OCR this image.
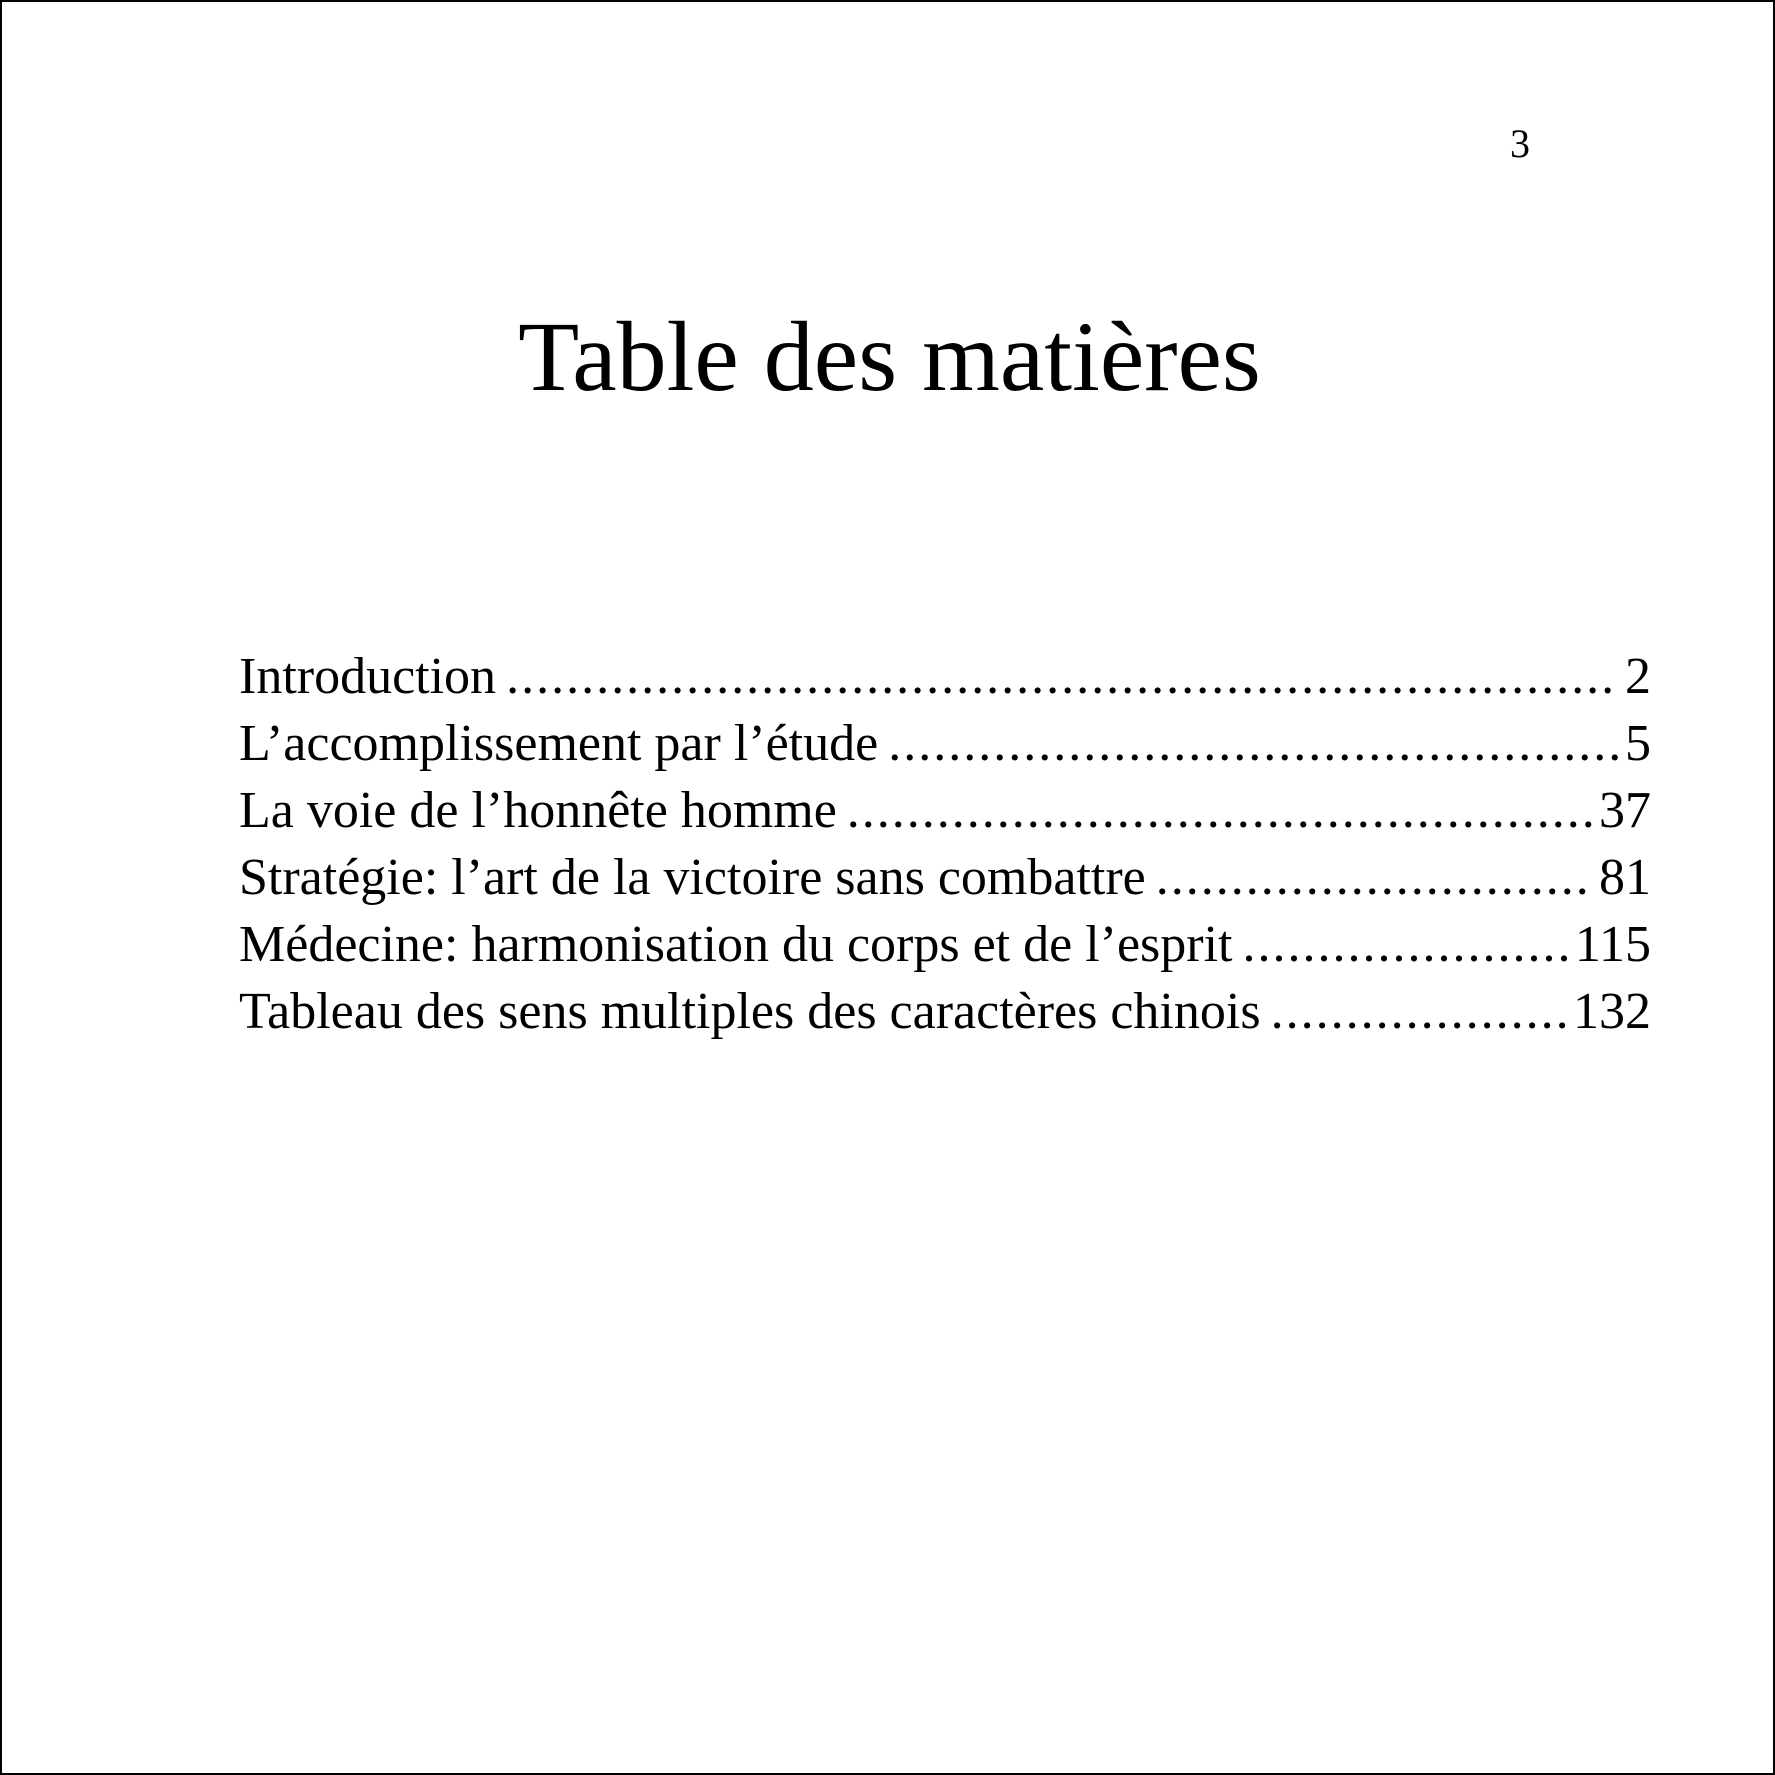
3
Table des matières
Introduction .....	2
L’accomplissement par l’étude .....	5
La voie de l’honnête homme .....	37
Stratégie: l’art de la victoire sans combattre .....	81
Médecine: harmonisation du corps et de l’esprit .....	115
Tableau des sens multiples des caractères chinois .....	132
